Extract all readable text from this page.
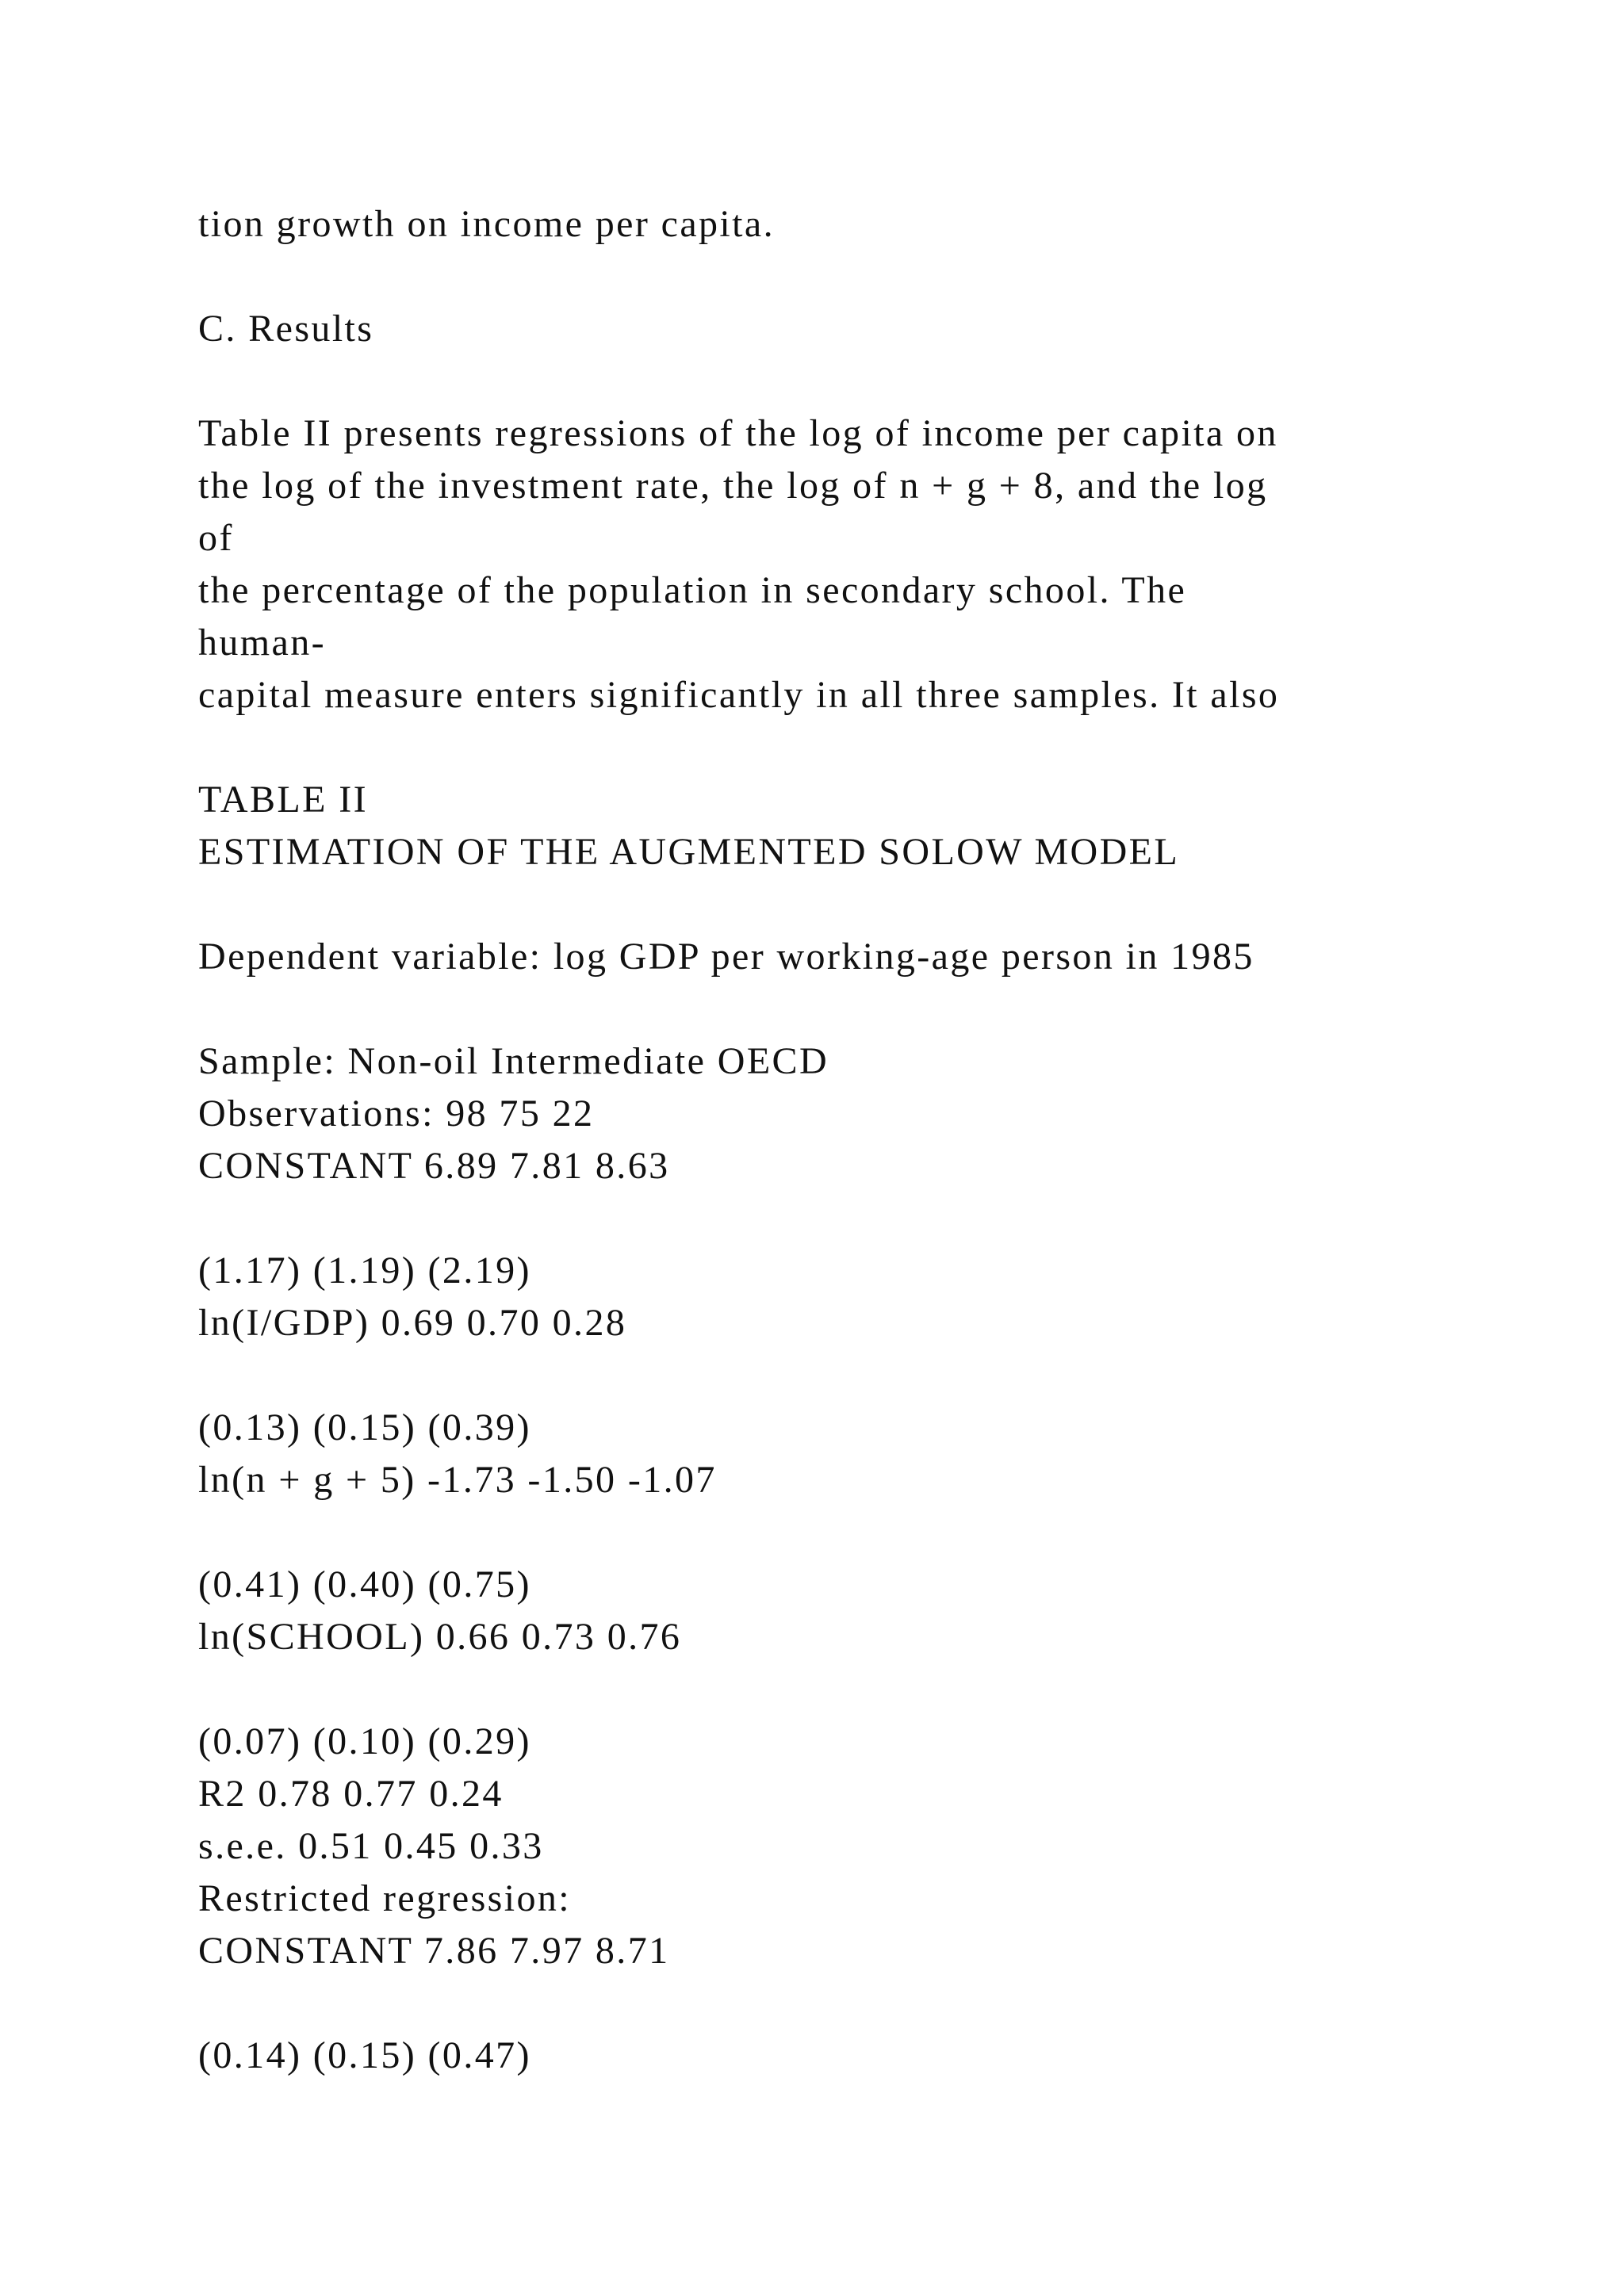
tion growth on income per capita.
C. Results
Table II presents regressions of the log of income per capita on
the log of the investment rate, the log of n + g + 8, and the log
of
the percentage of the population in secondary school. The
human-
capital measure enters significantly in all three samples. It also
TABLE II
ESTIMATION OF THE AUGMENTED SOLOW MODEL
Dependent variable: log GDP per working-age person in 1985
Sample: Non-oil Intermediate OECD
Observations: 98 75 22
CONSTANT 6.89 7.81 8.63
(1.17) (1.19) (2.19)
ln(I/GDP) 0.69 0.70 0.28
(0.13) (0.15) (0.39)
ln(n + g + 5) -1.73 -1.50 -1.07
(0.41) (0.40) (0.75)
ln(SCHOOL) 0.66 0.73 0.76
(0.07) (0.10) (0.29)
R2 0.78 0.77 0.24
s.e.e. 0.51 0.45 0.33
Restricted regression:
CONSTANT 7.86 7.97 8.71
(0.14) (0.15) (0.47)
